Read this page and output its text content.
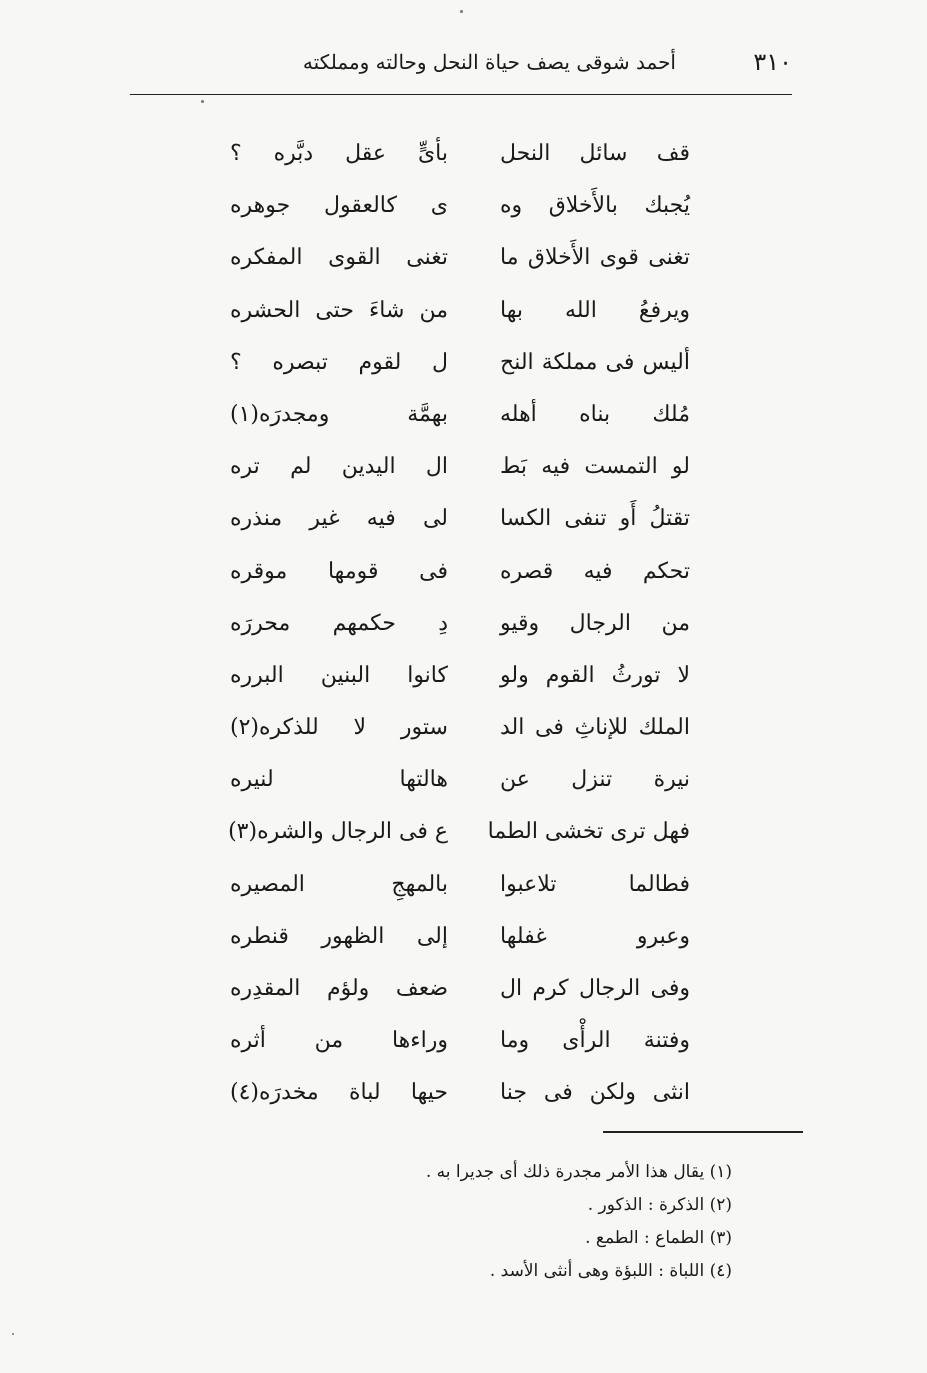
٣١٠
أحمد شوقى يصف حياة النحل وحالته ومملكته
قف سائل النحل
بأىٍّ عقل دبَّره ؟
يُجبك بالأَخلاق وه
ى كالعقول جوهره
تغنى قوى الأَخلاق ما
تغنى القوى المفكره
ويرفعُ الله بها
من شاءَ حتى الحشره
أليس فى مملكة النح
ل لقوم تبصره ؟
مُلك بناه أهله
بهمَّة ومجدرَه(١)
لو التمست فيه بَط
ال اليدين لم تره
تقتلُ أَو تنفى الكسا
لى فيه غير منذره
تحكم فيه قصره
فى قومها موقره
من الرجال وقيو
دِ حكمهم محررَه
لا تورثُ القوم ولو
كانوا البنين البرره
الملك للإناثِ فى الد
ستور لا للذكره(٢)
نيرة تنزل عن
هالتها لنيره
فهل ترى تخشى الطما
ع فى الرجال والشره(٣)
فطالما تلاعبوا
بالمهجِ المصيره
وعبرو غفلها
إلى الظهور قنطره
وفى الرجال كرم ال
ضعف ولؤم المقدِره
وفتنة الرأْى وما
وراءها من أثره
انثى ولكن فى جنا
حيها لباة مخدرَه(٤)
(١) يقال هذا الأمر مجدرة ذلك أى جديرا به .
(٢) الذكرة : الذكور .
(٣) الطماع : الطمع .
(٤) اللباة : اللبؤة وهى أنثى الأسد .
